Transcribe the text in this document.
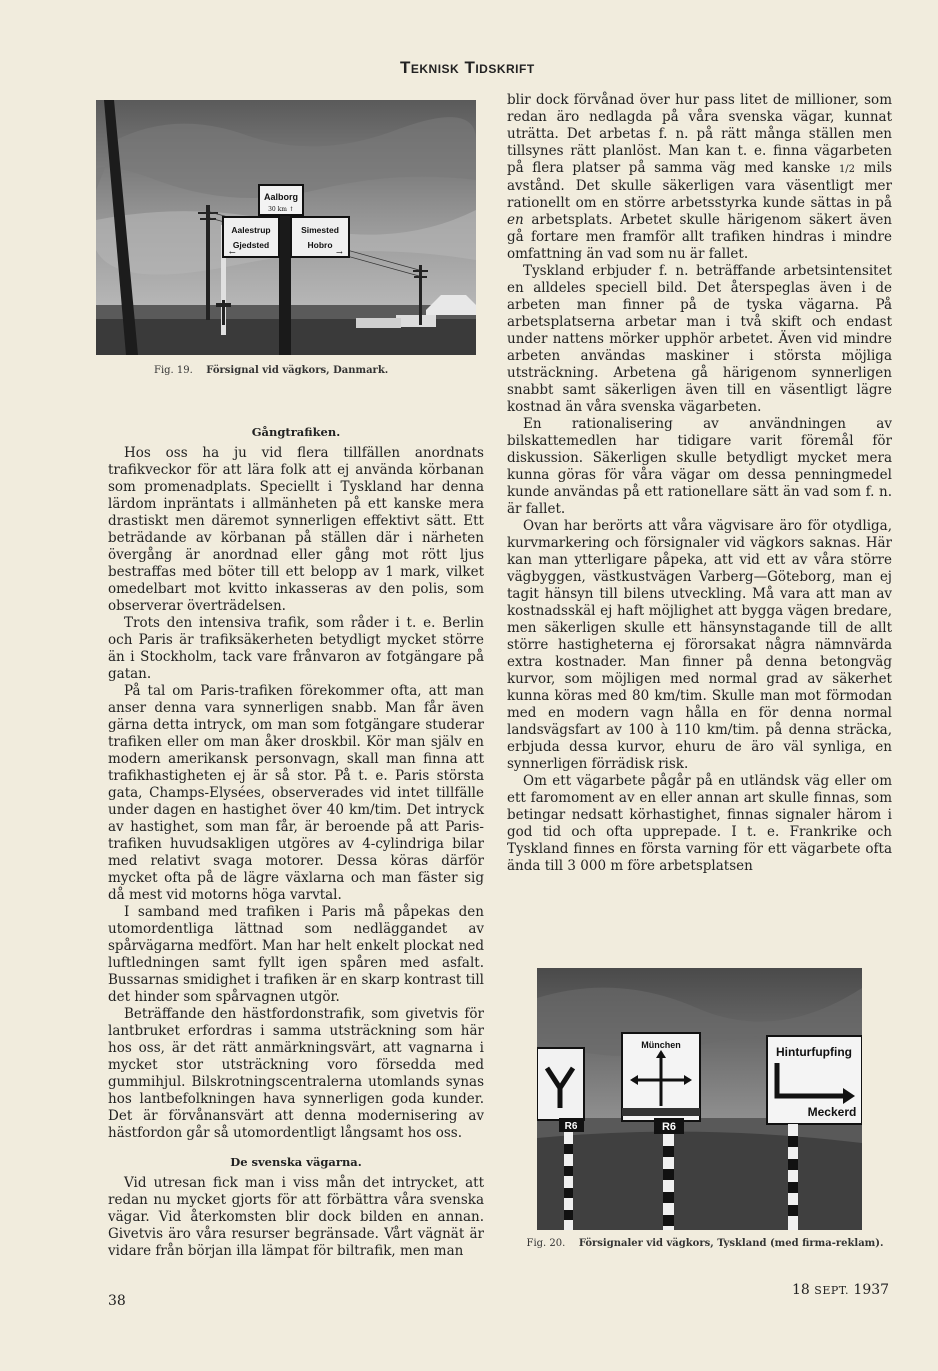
Teknisk Tidskrift
Aalborg
30 km ↑
Aalestrup
Gjedsted
←
Simested
Hobro
→
Fig. 19. Försignal vid vägkors, Danmark.
Gångtrafiken.

Hos oss ha ju vid flera tillfällen anordnats trafikveckor för att lära folk att ej använda körbanan som promenadplats. Speciellt i Tyskland har denna lärdom inpräntats i allmänheten på ett kanske mera drastiskt men däremot synnerligen effektivt sätt. Ett beträdande av körbanan på ställen där i närheten övergång är anordnad eller gång mot rött ljus bestraffas med böter till ett belopp av 1 mark, vilket omedelbart mot kvitto inkasseras av den polis, som observerar överträdelsen.

Trots den intensiva trafik, som råder i t. e. Berlin och Paris är trafiksäkerheten betydligt mycket större än i Stockholm, tack vare frånvaron av fotgängare på gatan.

På tal om Paris-trafiken förekommer ofta, att man anser denna vara synnerligen snabb. Man får även gärna detta intryck, om man som fotgängare studerar trafiken eller om man åker droskbil. Kör man själv en modern amerikansk personvagn, skall man finna att trafikhastigheten ej är så stor. På t. e. Paris största gata, Champs-Elysées, observerades vid intet tillfälle under dagen en hastighet över 40 km/tim. Det intryck av hastighet, som man får, är beroende på att Paris-trafiken huvudsakligen utgöres av 4-cylindriga bilar med relativt svaga motorer. Dessa köras därför mycket ofta på de lägre växlarna och man fäster sig då mest vid motorns höga varvtal.

I samband med trafiken i Paris må påpekas den utomordentliga lättnad som nedläggandet av spårvägarna medfört. Man har helt enkelt plockat ned luftledningen samt fyllt igen spåren med asfalt. Bussarnas smidighet i trafiken är en skarp kontrast till det hinder som spårvagnen utgör.

Beträffande den hästfordonstrafik, som givetvis för lantbruket erfordras i samma utsträckning som här hos oss, är det rätt anmärkningsvärt, att vagnarna i mycket stor utsträckning voro försedda med gummihjul. Bilskrotningscentralerna utomlands synas hos lantbefolkningen hava synnerligen goda kunder. Det är förvånansvärt att denna modernisering av hästfordon går så utomordentligt långsamt hos oss.

De svenska vägarna.

Vid utresan fick man i viss mån det intrycket, att redan nu mycket gjorts för att förbättra våra svenska vägar. Vid återkomsten blir dock bilden en annan. Givetvis äro våra resurser begränsade. Vårt vägnät är vidare från början illa lämpat för biltrafik, men man

blir dock förvånad över hur pass litet de millioner, som redan äro nedlagda på våra svenska vägar, kunnat uträtta. Det arbetas f. n. på rätt många ställen men tillsynes rätt planlöst. Man kan t. e. finna vägarbeten på flera platser på samma väg med kanske 1/2 mils avstånd. Det skulle säkerligen vara väsentligt mer rationellt om en större arbetsstyrka kunde sättas in på en arbetsplats. Arbetet skulle härigenom säkert även gå fortare men framför allt trafiken hindras i mindre omfattning än vad som nu är fallet.

Tyskland erbjuder f. n. beträffande arbetsintensitet en alldeles speciell bild. Det återspeglas även i de arbeten man finner på de tyska vägarna. På arbetsplatserna arbetar man i två skift och endast under nattens mörker upphör arbetet. Även vid mindre arbeten användas maskiner i största möjliga utsträckning. Arbetena gå härigenom synnerligen snabbt samt säkerligen även till en väsentligt lägre kostnad än våra svenska vägarbeten.

En rationalisering av användningen av bilskattemedlen har tidigare varit föremål för diskussion. Säkerligen skulle betydligt mycket mera kunna göras för våra vägar om dessa penningmedel kunde användas på ett rationellare sätt än vad som f. n. är fallet.

Ovan har berörts att våra vägvisare äro för otydliga, kurvmarkering och försignaler vid vägkors saknas. Här kan man ytterligare påpeka, att vid ett av våra större vägbyggen, västkustvägen Varberg—Göteborg, man ej tagit hänsyn till bilens utveckling. Må vara att man av kostnadsskäl ej haft möjlighet att bygga vägen bredare, men säkerligen skulle ett hänsynstagande till de allt större hastigheterna ej förorsakat några nämnvärda extra kostnader. Man finner på denna betongväg kurvor, som möjligen med normal grad av säkerhet kunna köras med 80 km/tim. Skulle man mot förmodan med en modern vagn hålla en för denna normal landsvägsfart av 100 à 110 km/tim. på denna sträcka, erbjuda dessa kurvor, ehuru de äro väl synliga, en synnerligen förrädisk risk.

Om ett vägarbete pågår på en utländsk väg eller om ett faromoment av en eller annan art skulle finnas, som betingar nedsatt körhastighet, finnas signaler härom i god tid och ofta upprepade. I t. e. Frankrike och Tyskland finnes en första varning för ett vägarbete ofta ända till 3 000 m före arbetsplatsen

R6
München
R6
Hinturfupfing
Meckerd
Fig. 20. Försignaler vid vägkors, Tyskland (med firma-reklam).
38
18 SEPT. 1937
